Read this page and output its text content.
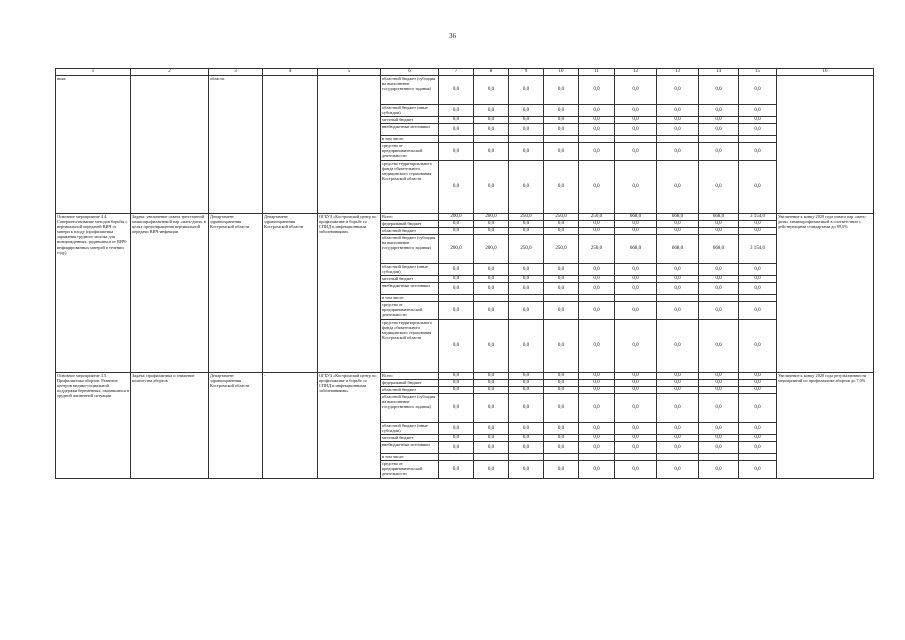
36
1	2	3	4	5	6	7	8	9	10	11	12	13	14	15	16
ниях		области			областной бюджет (субсидия на выполнение государственного задания)	0,0	0,0	0,0	0,0	0,0	0,0	0,0	0,0	0,0	
					областной бюджет (иные субсидии)	0,0	0,0	0,0	0,0	0,0	0,0	0,0	0,0	0,0	
					местный бюджет	0,0	0,0	0,0	0,0	0,0	0,0	0,0	0,0	0,0	
					внебюджетные источники	0,0	0,0	0,0	0,0	0,0	0,0	0,0	0,0	0,0	
					в том числе:										
					средства от предпринимательской деятельности	0,0	0,0	0,0	0,0	0,0	0,0	0,0	0,0	0,0	
					средства территориального фонда обязательного медицинского страхования Костромской области	0,0	0,0	0,0	0,0	0,0	0,0	0,0	0,0	0,0	
Основное мероприятие 4.4. Совершенствование методов борьбы с вертикальной передачей ВИЧ от матери к плоду (профилактика заражения грудного молока для новорожденных, родившихся от ВИЧ-инфицированных матерей в течении году)	Задача: увеличение охвата трехэтапной химиопрофилактикой пар «мать-дитя» в целях предотвращения вертикальной передачи ВИЧ-инфекции	Департамент здравоохранения Костромской области	Департамент здравоохранения Костромской области	ОГБУЗ «Костромской центр по профилактике и борьбе со СПИД и инфекционными заболеваниями»	Всего	200,0	200,0	250,0	250,0	250,0	668,0	668,0	668,0	3 154,0	Увеличение к концу 2020 года охвата пар «мать-дитя» химиопрофилактикой в соответствии с действующими стандартами до 99,5%
					федеральный бюджет	0,0	0,0	0,0	0,0	0,0	0,0	0,0	0,0	0,0	
					областной бюджет	0,0	0,0	0,0	0,0	0,0	0,0	0,0	0,0	0,0	
					областной бюджет (субсидия на выполнение государственного задания)	200,0	200,0	250,0	250,0	250,0	668,0	668,0	668,0	3 154,0	
					областной бюджет (иные субсидии)	0,0	0,0	0,0	0,0	0,0	0,0	0,0	0,0	0,0	
					местный бюджет	0,0	0,0	0,0	0,0	0,0	0,0	0,0	0,0	0,0	
					внебюджетные источники	0,0	0,0	0,0	0,0	0,0	0,0	0,0	0,0	0,0	
					в том числе:										
					средства от предпринимательской деятельности	0,0	0,0	0,0	0,0	0,0	0,0	0,0	0,0	0,0	
					средства территориального фонда обязательного медицинского страхования Костромской области	0,0	0,0	0,0	0,0	0,0	0,0	0,0	0,0	0,0	
Основное мероприятие 4.5. Профилактика абортов. Развитие центров медико-социальной поддержки беременных, оказавшихся в трудной жизненной ситуации	Задача: профилактика и снижение количества абортов	Департамент здравоохранения Костромской области	-	ОГБУЗ «Костромской центр по профилактике и борьбе со СПИД и инфекционными заболеваниями»	Всего	0,0	0,0	0,0	0,0	0,0	0,0	0,0	0,0	0,0	Увеличение к концу 2020 года результативности мероприятий по профилактике абортов до 7,0%
					федеральный бюджет	0,0	0,0	0,0	0,0	0,0	0,0	0,0	0,0	0,0	
					областной бюджет	0,0	0,0	0,0	0,0	0,0	0,0	0,0	0,0	0,0	
					областной бюджет (субсидия на выполнение государственного задания)	0,0	0,0	0,0	0,0	0,0	0,0	0,0	0,0	0,0	
					областной бюджет (иные субсидии)	0,0	0,0	0,0	0,0	0,0	0,0	0,0	0,0	0,0	
					местный бюджет	0,0	0,0	0,0	0,0	0,0	0,0	0,0	0,0	0,0	
					внебюджетные источники	0,0	0,0	0,0	0,0	0,0	0,0	0,0	0,0	0,0	
					в том числе:										
					средства от предпринимательской деятельности	0,0	0,0	0,0	0,0	0,0	0,0	0,0	0,0	0,0	
